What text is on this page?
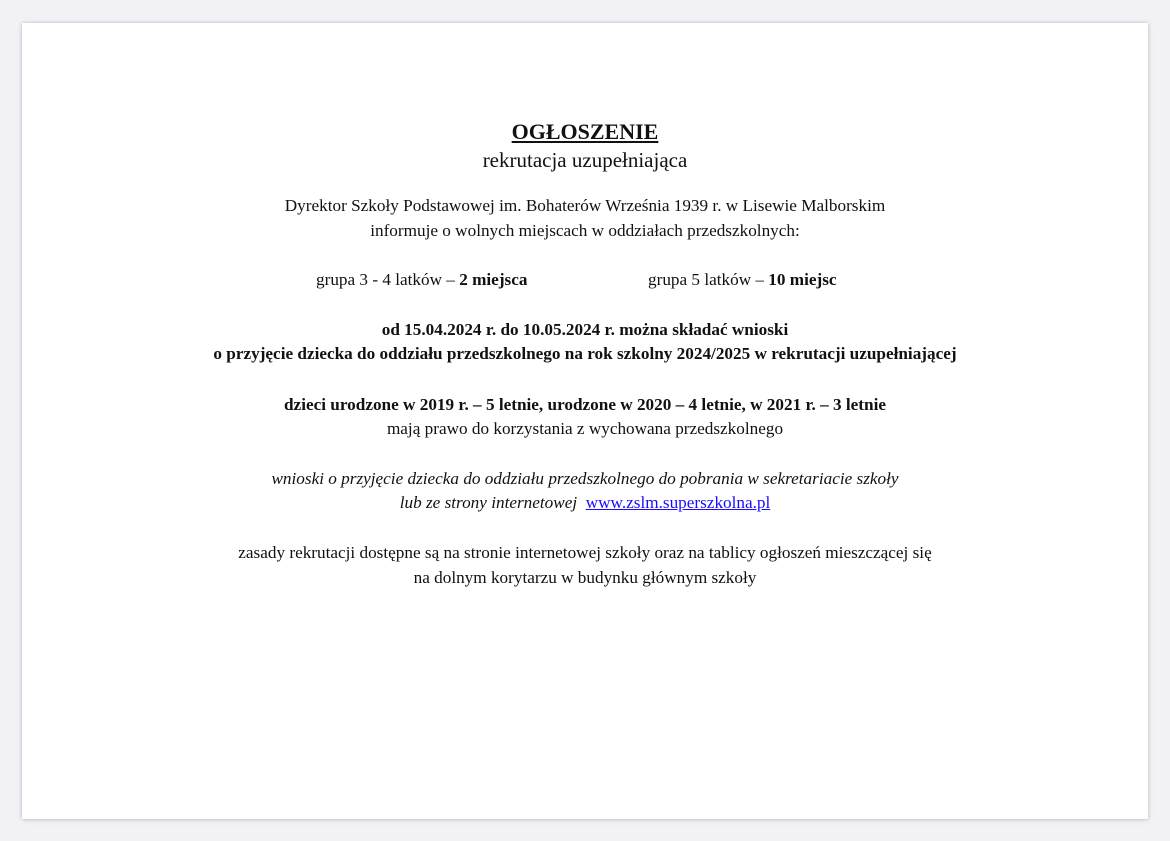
OGŁOSZENIE
rekrutacja uzupełniająca
Dyrektor Szkoły Podstawowej im. Bohaterów Września 1939 r. w Lisewie Malborskim
informuje o wolnych miejscach w oddziałach przedszkolnych:
grupa 3 - 4 latków – 2 miejsca	grupa 5 latków – 10 miejsc
od 15.04.2024 r. do 10.05.2024 r. można składać wnioski
o przyjęcie dziecka do oddziału przedszkolnego na rok szkolny 2024/2025 w rekrutacji uzupełniającej
dzieci urodzone w 2019 r. – 5 letnie, urodzone w 2020 – 4 letnie, w 2021 r. – 3 letnie
mają prawo do korzystania z wychowana przedszkolnego
wnioski o przyjęcie dziecka do oddziału przedszkolnego do pobrania w sekretariacie szkoły
lub ze strony internetowej www.zslm.superszkolna.pl
zasady rekrutacji dostępne są na stronie internetowej szkoły oraz na tablicy ogłoszeń mieszczącej się
na dolnym korytarzu w budynku głównym szkoły
